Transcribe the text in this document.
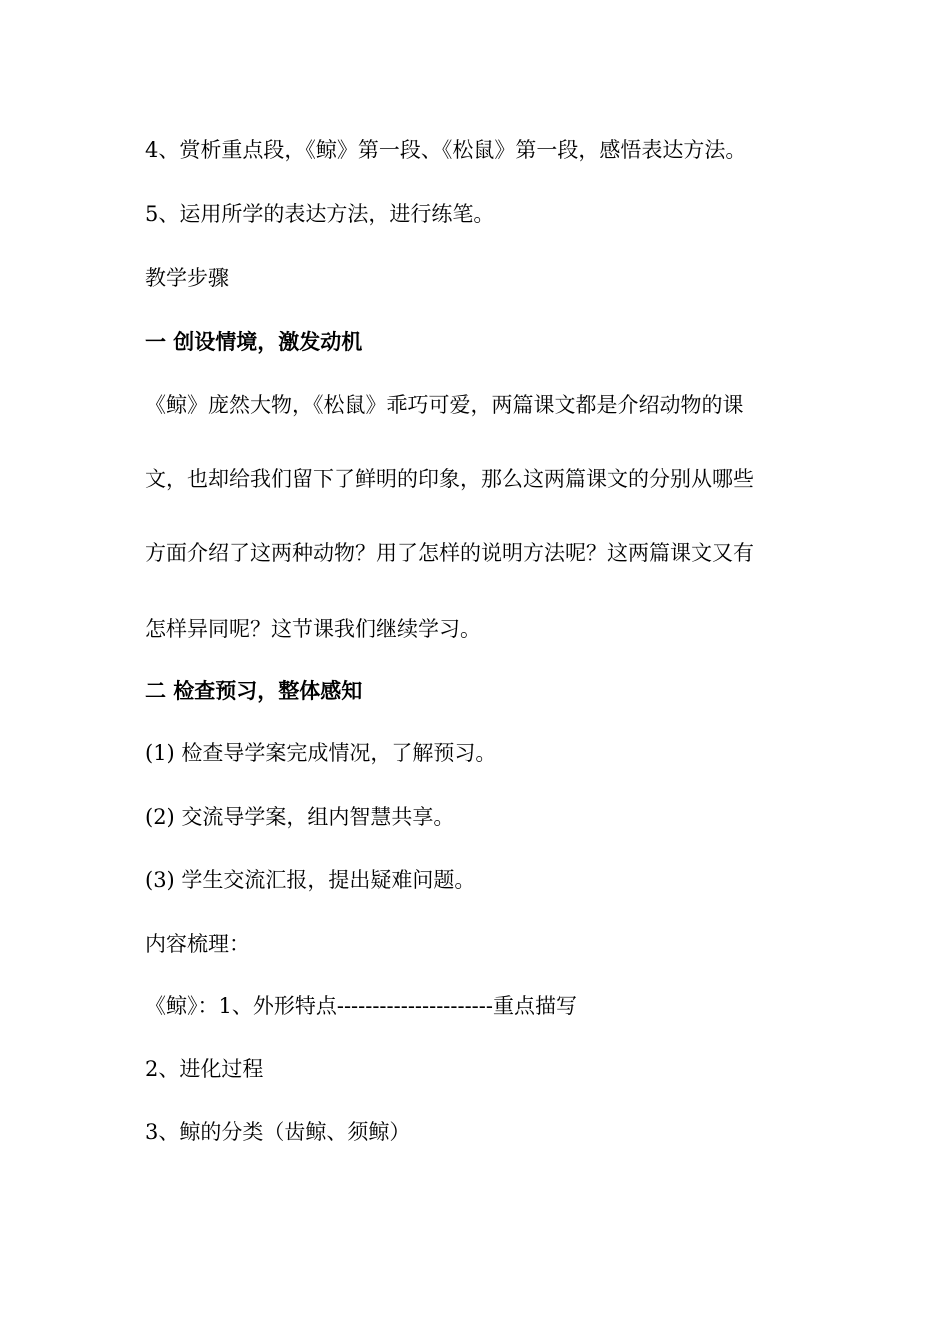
4、赏析重点段，《鲸》第一段、《松鼠》第一段，感悟表达方法。

5、运用所学的表达方法，进行练笔。

教学步骤

一 创设情境，激发动机

《鲸》庞然大物，《松鼠》乖巧可爱，两篇课文都是介绍动物的课

文，也却给我们留下了鲜明的印象，那么这两篇课文的分别从哪些

方面介绍了这两种动物？用了怎样的说明方法呢？这两篇课文又有

怎样异同呢？这节课我们继续学习。

二 检查预习，整体感知

(1) 检查导学案完成情况，了解预习。

(2) 交流导学案，组内智慧共享。

(3) 学生交流汇报，提出疑难问题。

内容梳理：

《鲸》：1、外形特点----------------------重点描写

2、进化过程

3、鲸的分类（齿鲸、须鲸）
